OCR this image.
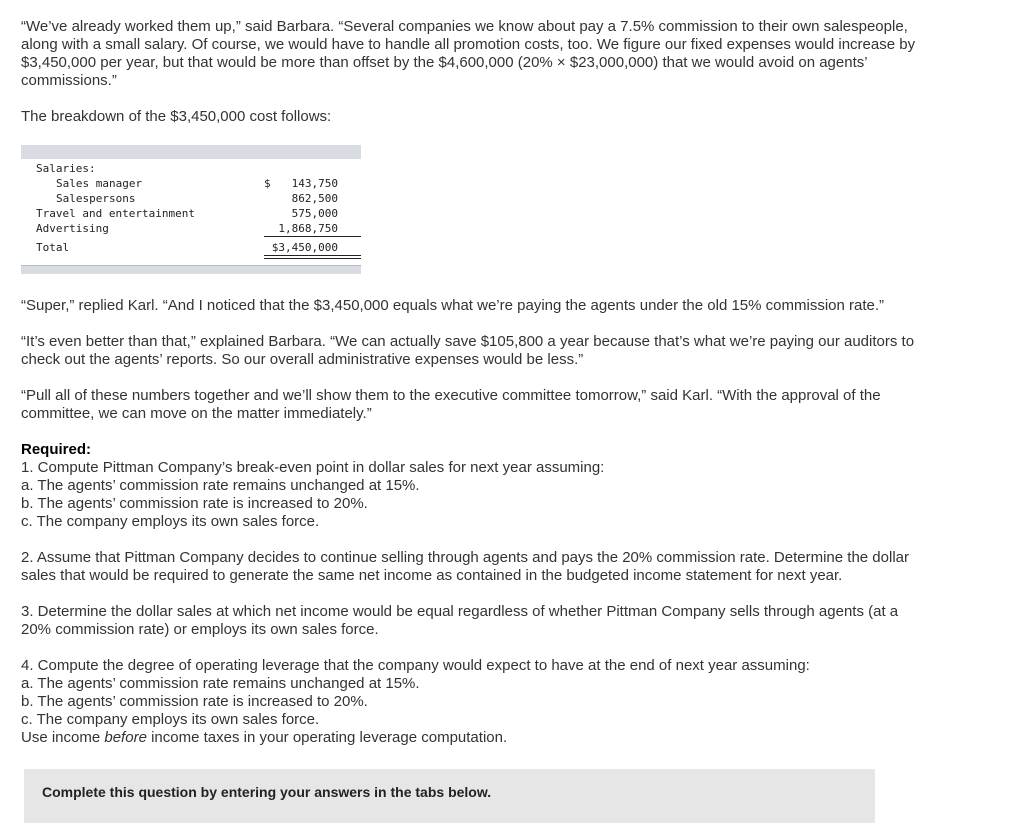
“We’ve already worked them up,” said Barbara. “Several companies we know about pay a 7.5% commission to their own salespeople,
along with a small salary. Of course, we would have to handle all promotion costs, too. We figure our fixed expenses would increase by
$3,450,000 per year, but that would be more than offset by the $4,600,000 (20% × $23,000,000) that we would avoid on agents’
commissions.”
The breakdown of the $3,450,000 cost follows:
Salaries:
Sales manager	$	143,750
Salespersons	862,500
Travel and entertainment	575,000
Advertising	1,868,750
Total	$3,450,000
“Super,” replied Karl. “And I noticed that the $3,450,000 equals what we’re paying the agents under the old 15% commission rate.”
“It’s even better than that,” explained Barbara. “We can actually save $105,800 a year because that’s what we’re paying our auditors to
check out the agents’ reports. So our overall administrative expenses would be less.”
“Pull all of these numbers together and we’ll show them to the executive committee tomorrow,” said Karl. “With the approval of the
committee, we can move on the matter immediately.”
Required:
1. Compute Pittman Company’s break-even point in dollar sales for next year assuming:
a. The agents’ commission rate remains unchanged at 15%.
b. The agents’ commission rate is increased to 20%.
c. The company employs its own sales force.
2. Assume that Pittman Company decides to continue selling through agents and pays the 20% commission rate. Determine the dollar
sales that would be required to generate the same net income as contained in the budgeted income statement for next year.
3. Determine the dollar sales at which net income would be equal regardless of whether Pittman Company sells through agents (at a
20% commission rate) or employs its own sales force.
4. Compute the degree of operating leverage that the company would expect to have at the end of next year assuming:
a. The agents’ commission rate remains unchanged at 15%.
b. The agents’ commission rate is increased to 20%.
c. The company employs its own sales force.
Use income before income taxes in your operating leverage computation.
Complete this question by entering your answers in the tabs below.
